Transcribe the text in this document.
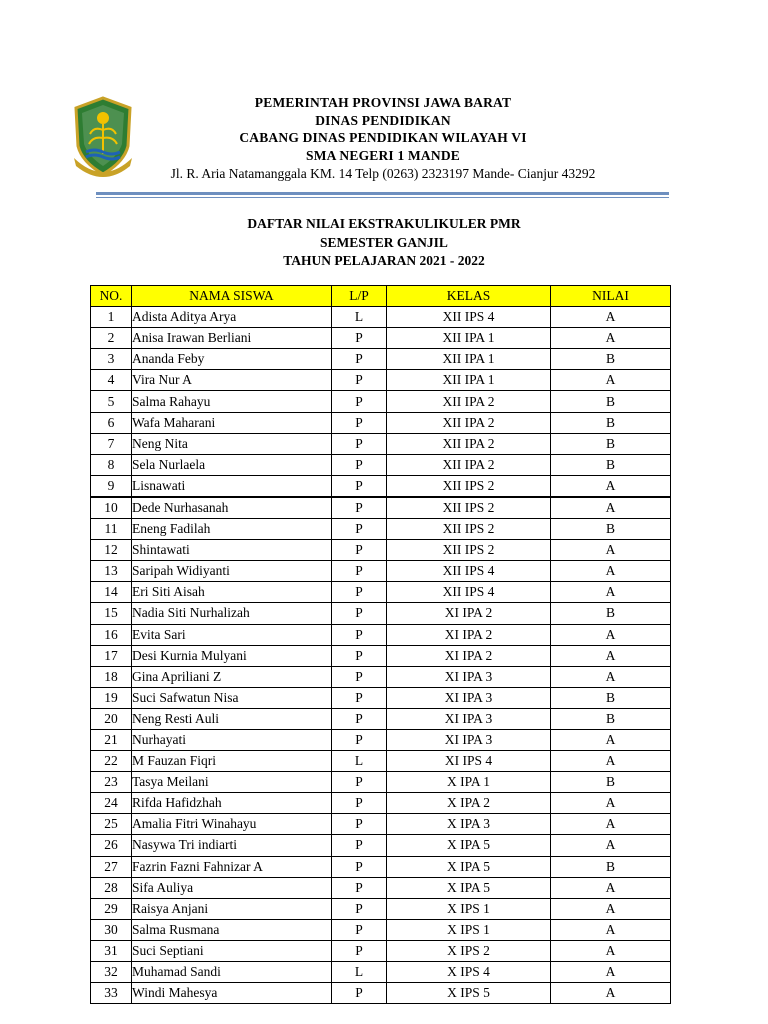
PEMERINTAH PROVINSI JAWA BARAT
DINAS PENDIDIKAN
CABANG DINAS PENDIDIKAN WILAYAH VI
SMA NEGERI 1 MANDE
Jl. R. Aria Natamanggala KM. 14 Telp (0263) 2323197 Mande- Cianjur 43292
DAFTAR NILAI EKSTRAKULIKULER PMR
SEMESTER GANJIL
TAHUN PELAJARAN 2021 - 2022
NO.	NAMA SISWA	L/P	KELAS	NILAI
1	Adista Aditya Arya	L	XII IPS 4	A
2	Anisa Irawan Berliani	P	XII IPA 1	A
3	Ananda Feby	P	XII IPA 1	B
4	Vira Nur A	P	XII IPA 1	A
5	Salma Rahayu	P	XII IPA 2	B
6	Wafa Maharani	P	XII IPA 2	B
7	Neng Nita	P	XII IPA 2	B
8	Sela Nurlaela	P	XII IPA 2	B
9	Lisnawati	P	XII IPS 2	A
10	Dede Nurhasanah	P	XII IPS 2	A
11	Eneng Fadilah	P	XII IPS 2	B
12	Shintawati	P	XII IPS 2	A
13	Saripah Widiyanti	P	XII IPS 4	A
14	Eri Siti Aisah	P	XII IPS 4	A
15	Nadia Siti Nurhalizah	P	XI IPA 2	B
16	Evita Sari	P	XI IPA 2	A
17	Desi Kurnia Mulyani	P	XI IPA 2	A
18	Gina Apriliani Z	P	XI IPA 3	A
19	Suci Safwatun Nisa	P	XI IPA 3	B
20	Neng Resti Auli	P	XI IPA 3	B
21	Nurhayati	P	XI IPA 3	A
22	M Fauzan Fiqri	L	XI IPS 4	A
23	Tasya Meilani	P	X IPA 1	B
24	Rifda Hafidzhah	P	X IPA 2	A
25	Amalia Fitri Winahayu	P	X IPA 3	A
26	Nasywa Tri indiarti	P	X IPA 5	A
27	Fazrin Fazni Fahnizar A	P	X IPA 5	B
28	Sifa Auliya	P	X IPA 5	A
29	Raisya Anjani	P	X IPS 1	A
30	Salma Rusmana	P	X IPS 1	A
31	Suci Septiani	P	X IPS 2	A
32	Muhamad Sandi	L	X IPS 4	A
33	Windi Mahesya	P	X IPS 5	A
